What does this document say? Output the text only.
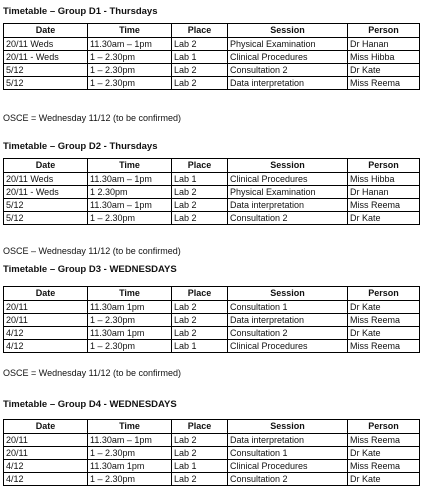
Timetable – Group D1 - Thursdays
Date	Time	Place	Session	Person
20/11 Weds	11.30am – 1pm	Lab 2	Physical Examination	Dr Hanan
20/11 - Weds	1 – 2.30pm	Lab 1	Clinical Procedures	Miss Hibba
5/12	1 – 2.30pm	Lab 2	Consultation 2	Dr Kate
5/12	1 – 2.30pm	Lab 2	Data interpretation	Miss Reema
OSCE = Wednesday 11/12 (to be confirmed)
Timetable – Group D2 - Thursdays
Date	Time	Place	Session	Person
20/11 Weds	11.30am – 1pm	Lab 1	Clinical Procedures	Miss Hibba
20/11 - Weds	1 2.30pm	Lab 2	Physical Examination	Dr Hanan
5/12	11.30am – 1pm	Lab 2	Data interpretation	Miss Reema
5/12	1 – 2.30pm	Lab 2	Consultation 2	Dr Kate
OSCE – Wednesday 11/12 (to be confirmed)
Timetable – Group D3 - WEDNESDAYS
Date	Time	Place	Session	Person
20/11	11.30am 1pm	Lab 2	Consultation 1	Dr Kate
20/11	1 – 2.30pm	Lab 2	Data interpretation	Miss Reema
4/12	11.30am 1pm	Lab 2	Consultation 2	Dr Kate
4/12	1 – 2.30pm	Lab 1	Clinical Procedures	Miss Reema
OSCE = Wednesday 11/12 (to be confirmed)
Timetable – Group D4 - WEDNESDAYS
Date	Time	Place	Session	Person
20/11	11.30am – 1pm	Lab 2	Data interpretation	Miss Reema
20/11	1 – 2.30pm	Lab 2	Consultation 1	Dr Kate
4/12	11.30am 1pm	Lab 1	Clinical Procedures	Miss Reema
4/12	1 – 2.30pm	Lab 2	Consultation 2	Dr Kate
